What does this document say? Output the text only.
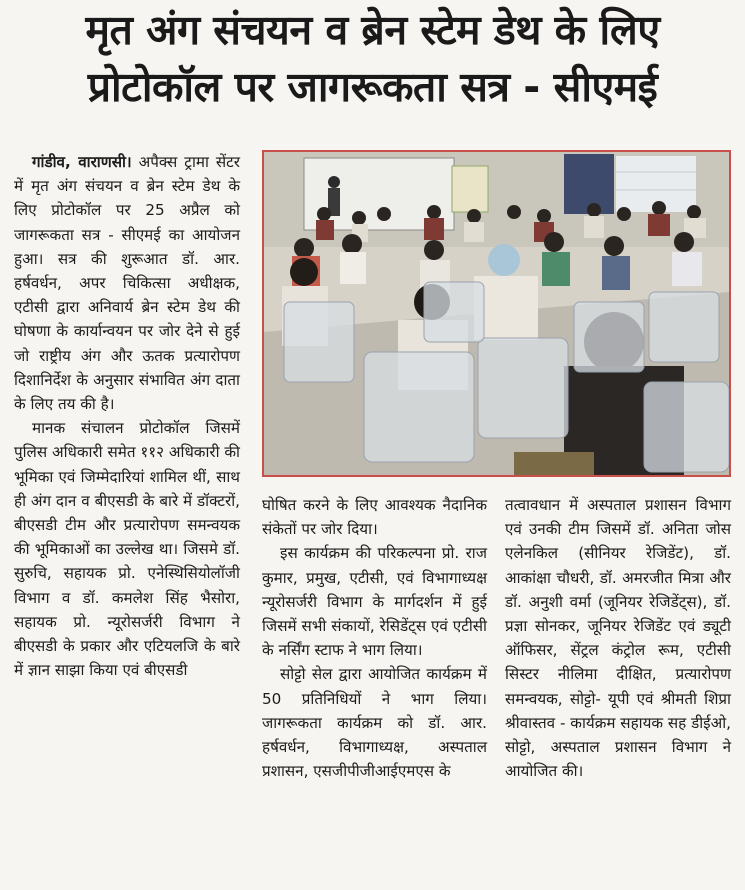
मृत अंग संचयन व ब्रेन स्टेम डेथ के लिए
प्रोटोकॉल पर जागरूकता सत्र - सीएमई

गांडीव, वाराणसी। अपैक्स ट्रामा सेंटर में मृत अंग संचयन व ब्रेन स्टेम डेथ के लिए प्रोटोकॉल पर 25 अप्रैल को जागरूकता सत्र - सीएमई का आयोजन हुआ। सत्र की शुरूआत डॉ. आर. हर्षवर्धन, अपर चिकित्सा अधीक्षक, एटीसी द्वारा अनिवार्य ब्रेन स्टेम डेथ की घोषणा के कार्यान्वयन पर जोर देने से हुई जो राष्ट्रीय अंग और ऊतक प्रत्यारोपण दिशानिर्देश के अनुसार संभावित अंग दाता के लिए तय की है।

मानक संचालन प्रोटोकॉल जिसमें पुलिस अधिकारी समेत ११२ अधिकारी की भूमिका एवं जिम्मेदारियां शामिल थीं, साथ ही अंग दान व बीएसडी के बारे में डॉक्टरों, बीएसडी टीम और प्रत्यारोपण समन्वयक की भूमिकाओं का उल्लेख था। जिसमे डॉ. सुरुचि, सहायक प्रो. एनेस्थिसियोलॉजी विभाग व डॉ. कमलेश सिंह भैसोरा, सहायक प्रो. न्यूरोसर्जरी विभाग ने बीएसडी के प्रकार और एटियलजि के बारे में ज्ञान साझा किया एवं बीएसडी

घोषित करने के लिए आवश्यक नैदानिक संकेतों पर जोर दिया।

इस कार्यक्रम की परिकल्पना प्रो. राज कुमार, प्रमुख, एटीसी, एवं विभागाध्यक्ष न्यूरोसर्जरी विभाग के मार्गदर्शन में हुई जिसमें सभी संकायों, रेसिडेंट्स एवं एटीसी के नर्सिंग स्टाफ ने भाग लिया।

सोट्टो सेल द्वारा आयोजित कार्यक्रम में 50 प्रतिनिधियों ने भाग लिया। जागरूकता कार्यक्रम को डॉ. आर. हर्षवर्धन, विभागाध्यक्ष, अस्पताल प्रशासन, एसजीपीजीआईएमएस के

तत्वावधान में अस्पताल प्रशासन विभाग एवं उनकी टीम जिसमें डॉ. अनिता जोस एलेनकिल (सीनियर रेजिडेंट), डॉ. आकांक्षा चौधरी, डॉ. अमरजीत मित्रा और डॉ. अनुशी वर्मा (जूनियर रेजिडेंट्स), डॉ. प्रज्ञा सोनकर, जूनियर रेजिडेंट एवं ड्यूटी ऑफिसर, सेंट्रल कंट्रोल रूम, एटीसी सिस्टर नीलिमा दीक्षित, प्रत्यारोपण समन्वयक, सोट्टो- यूपी एवं श्रीमती शिप्रा श्रीवास्तव - कार्यक्रम सहायक सह डीईओ, सोट्टो, अस्पताल प्रशासन विभाग ने आयोजित की।
